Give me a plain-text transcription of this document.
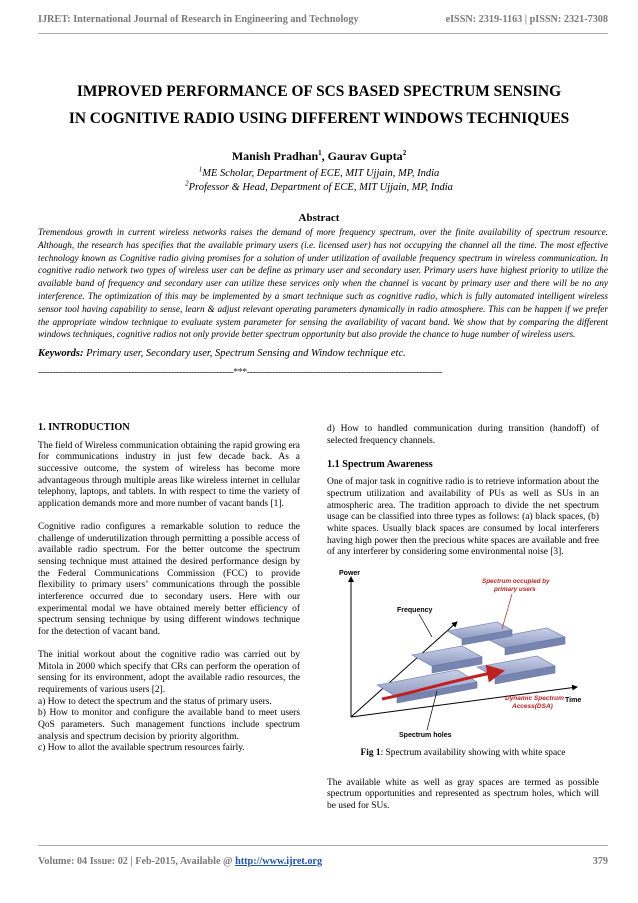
IJRET: International Journal of Research in Engineering and Technology	eISSN: 2319-1163 | pISSN: 2321-7308
IMPROVED PERFORMANCE OF SCS BASED SPECTRUM SENSING
IN COGNITIVE RADIO USING DIFFERENT WINDOWS TECHNIQUES
Manish Pradhan$^1$, Gaurav Gupta$^2$
$^1$ME Scholar, Department of ECE, MIT Ujjain, MP, India
$^2$Professor & Head, Department of ECE, MIT Ujjain, MP, India
Abstract

Tremendous growth in current wireless networks raises the demand of more frequency spectrum, over the finite availability of spectrum resource. Although, the research has specifies that the available primary users (i.e. licensed user) has not occupying the channel all the time. The most effective technology known as Cognitive radio giving promises for a solution of under utilization of available frequency spectrum in wireless communication. In cognitive radio network two types of wireless user can be define as primary user and secondary user. Primary users have highest priority to utilize the available band of frequency and secondary user can utilize these services only when the channel is vacant by primary user and there will be no any interference. The optimization of this may be implemented by a smart technique such as cognitive radio, which is fully automated intelligent wireless sensor tool having capability to sense, learn & adjust relevant operating parameters dynamically in radio atmosphere. This can be happen if we prefer the appropriate window technique to evaluate system parameter for sensing the availability of vacant band. We show that by comparing the different windows techniques, cognitive radios not only provide better spectrum opportunity but also provide the chance to huge number of wireless users.

Keywords: Primary user, Secondary user, Spectrum Sensing and Window technique etc.

---------------------------------------------------------------------***---------------------------------------------------------------------
1. INTRODUCTION

The field of Wireless communication obtaining the rapid growing era for communications industry in just few decade back. As a successive outcome, the system of wireless has become more advantageous through multiple areas like wireless internet in cellular telephony, laptops, and tablets. In with respect to time the variety of application demands more and more number of vacant bands [1].

Cognitive radio configures a remarkable solution to reduce the challenge of underutilization through permitting a possible access of available radio spectrum. For the better outcome the spectrum sensing technique must attained the desired performance design by the Federal Communications Commission (FCC) to provide flexibility to primary users’ communications through the possible interference occurred due to secondary users. Here with our experimental modal we have obtained merely better efficiency of spectrum sensing technique by using different windows technique for the detection of vacant band.

The initial workout about the cognitive radio was carried out by Mitola in 2000 which specify that CRs can perform the operation of sensing for its environment, adopt the available radio resources, the requirements of various users [2].

a) How to detect the spectrum and the status of primary users.
b) How to monitor and configure the available band to meet users QoS parameters. Such management functions include spectrum analysis and spectrum decision by priority algorithm.
c) How to allot the available spectrum resources fairly.

d) How to handled communication during transition (handoff) of selected frequency channels.

1.1 Spectrum Awareness

One of major task in cognitive radio is to retrieve information about the spectrum utilization and availability of PUs as well as SUs in an atmospheric area. The tradition approach to divide the net spectrum usage can be classified into three types as follows: (a) black spaces, (b) white spaces. Usually black spaces are consumed by local interferers having high power then the precious white spaces are available and free of any interferer by considering some environmental noise [3].

Power
Frequency
Time
Spectrum occupied by
primary users
Dynamic Spectrum
Access(DSA)
Spectrum holes
Fig 1: Spectrum availability showing with white space

The available white as well as gray spaces are termed as possible spectrum opportunities and represented as spectrum holes, which will be used for SUs.

Volume: 04 Issue: 02 | Feb-2015, Available @ http://www.ijret.org	379
